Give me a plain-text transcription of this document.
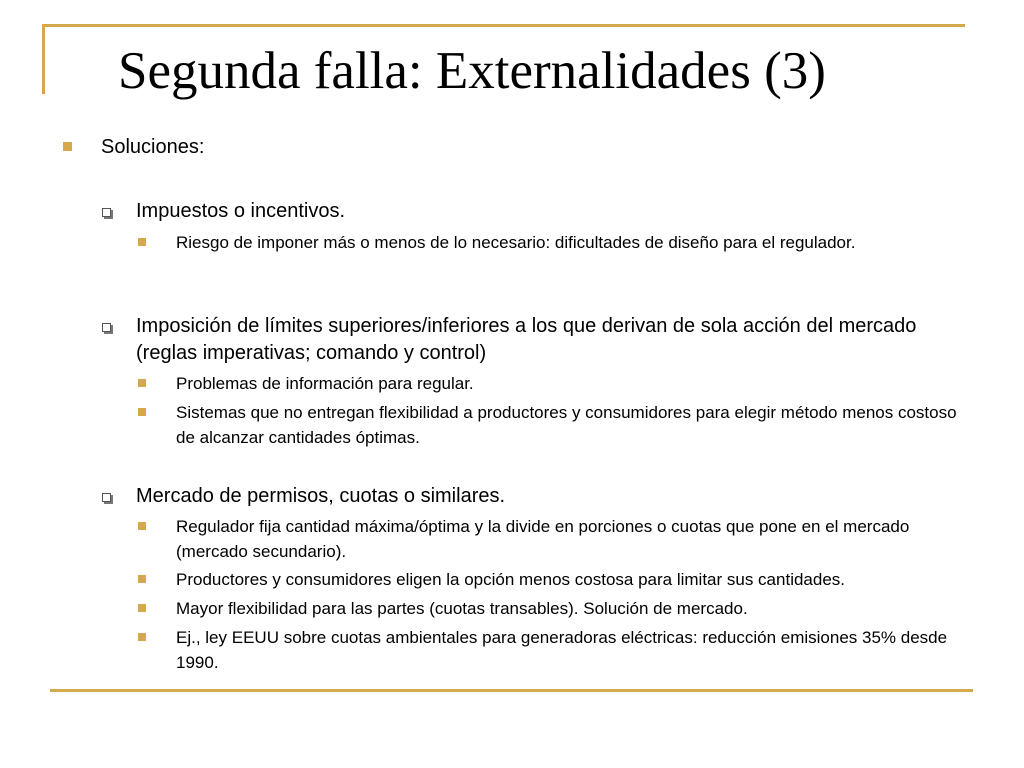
Segunda falla: Externalidades (3)
Soluciones:
Impuestos o incentivos.
Riesgo de imponer más o menos de lo necesario: dificultades de diseño para el regulador.
Imposición de límites superiores/inferiores a los que derivan de sola acción del mercado (reglas imperativas; comando y control)
Problemas de información para regular.
Sistemas que no entregan flexibilidad a productores y consumidores para elegir método menos costoso de alcanzar cantidades óptimas.
Mercado de permisos, cuotas o similares.
Regulador fija cantidad máxima/óptima y la divide en porciones o cuotas que pone en el mercado (mercado secundario).
Productores y consumidores eligen la opción menos costosa para limitar sus cantidades.
Mayor flexibilidad para las partes (cuotas transables). Solución de mercado.
Ej., ley EEUU sobre cuotas ambientales para generadoras eléctricas: reducción emisiones 35% desde 1990.
